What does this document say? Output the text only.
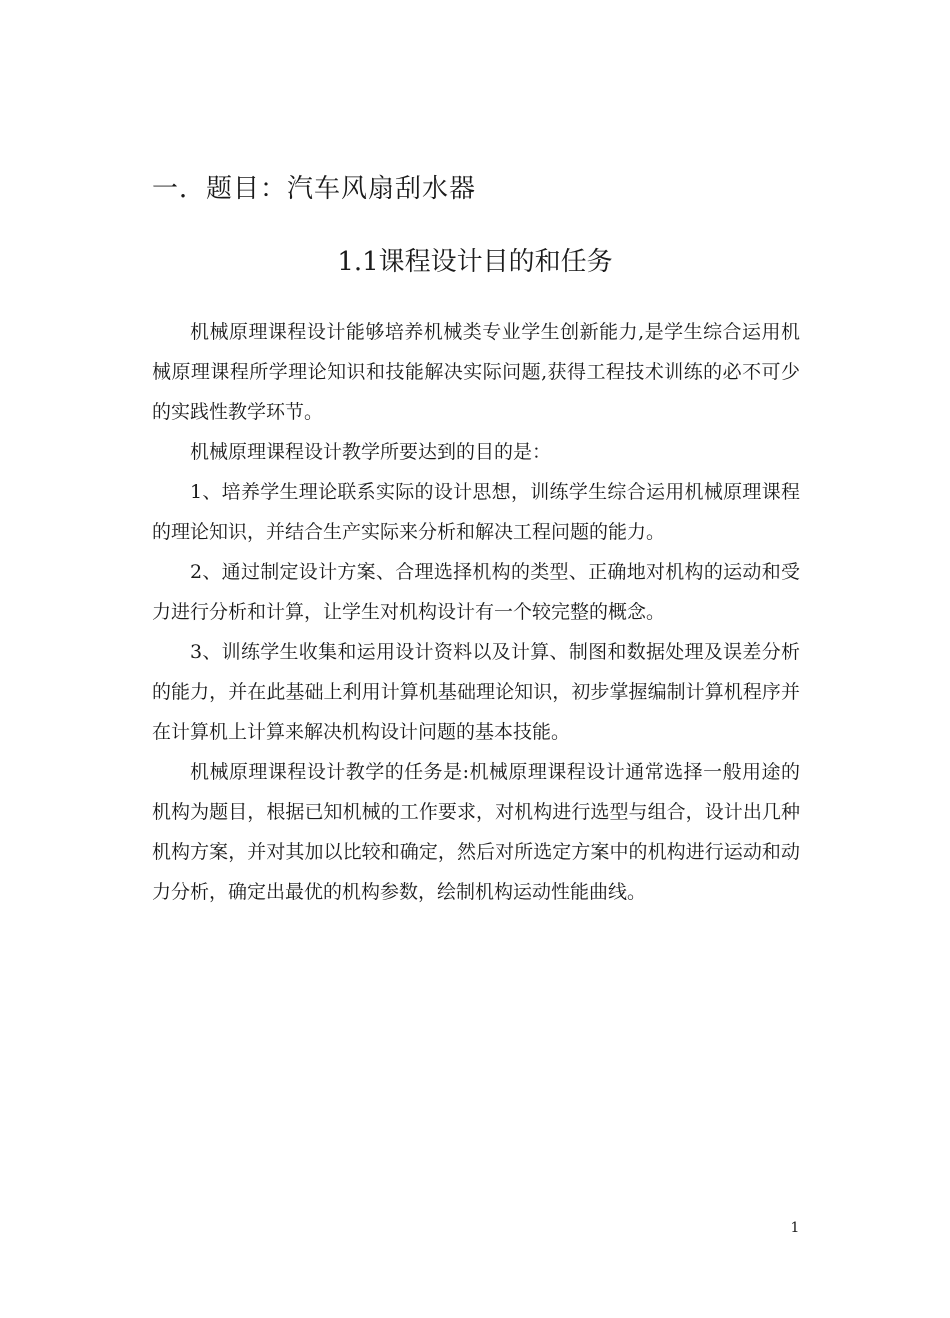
一．题目：汽车风扇刮水器
1.1课程设计目的和任务

机械原理课程设计能够培养机械类专业学生创新能力,是学生综合运用机械原理课程所学理论知识和技能解决实际问题,获得工程技术训练的必不可少的实践性教学环节。

机械原理课程设计教学所要达到的目的是：

1、培养学生理论联系实际的设计思想，训练学生综合运用机械原理课程的理论知识，并结合生产实际来分析和解决工程问题的能力。

2、通过制定设计方案、合理选择机构的类型、正确地对机构的运动和受力进行分析和计算，让学生对机构设计有一个较完整的概念。

3、训练学生收集和运用设计资料以及计算、制图和数据处理及误差分析的能力，并在此基础上利用计算机基础理论知识，初步掌握编制计算机程序并在计算机上计算来解决机构设计问题的基本技能。

机械原理课程设计教学的任务是:机械原理课程设计通常选择一般用途的机构为题目，根据已知机械的工作要求，对机构进行选型与组合，设计出几种机构方案，并对其加以比较和确定，然后对所选定方案中的机构进行运动和动力分析，确定出最优的机构参数，绘制机构运动性能曲线。

1
